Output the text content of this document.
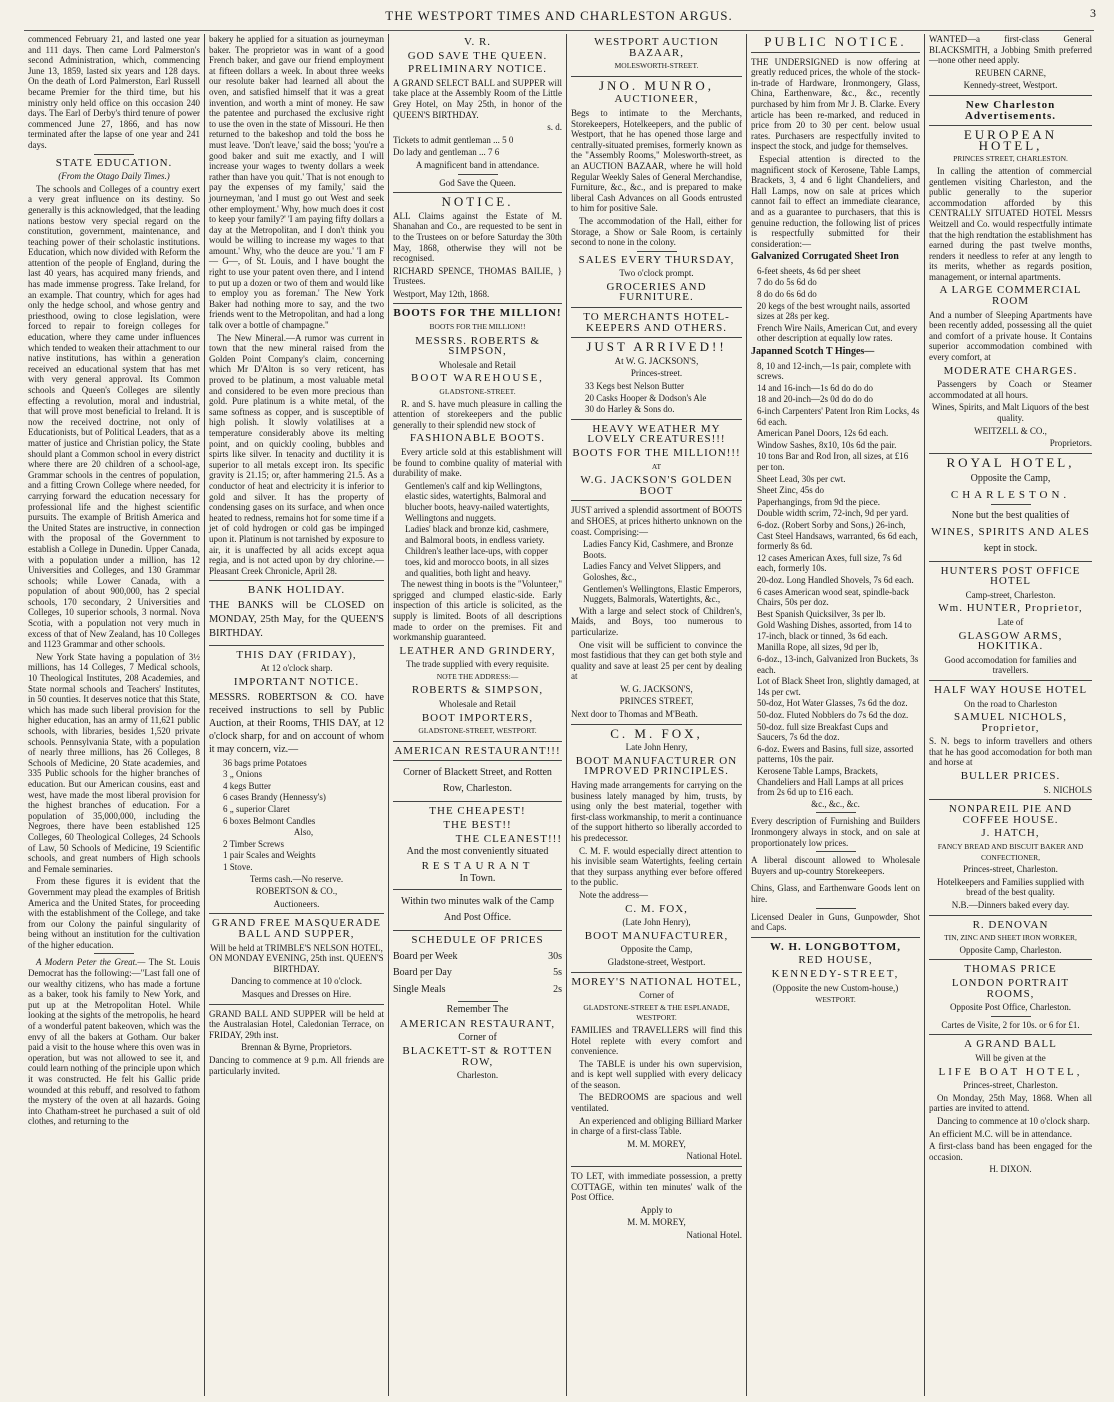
THE WESTPORT TIMES AND CHARLESTON ARGUS.	3

commenced February 21, and lasted one year and 111 days. Then came Lord Palmerston's second Administration, which, commencing June 13, 1859, lasted six years and 128 days. On the death of Lord Palmerston, Earl Russell became Premier for the third time, but his ministry only held office on this occasion 240 days. The Earl of Derby's third tenure of power commenced June 27, 1866, and has now terminated after the lapse of one year and 241 days.

STATE EDUCATION.

(From the Otago Daily Times.)

The schools and Colleges of a country exert a very great influence on its destiny. So generally is this acknowledged, that the leading nations bestow very special regard on the constitution, government, maintenance, and teaching power of their scholastic institutions. Education, which now divided with Reform the attention of the people of England, during the last 40 years, has acquired many friends, and has made immense progress. Take Ireland, for an example. That country, which for ages had only the hedge school, and whose gentry and priesthood, owing to close legislation, were forced to repair to foreign colleges for education, where they came under influences which tended to weaken their attachment to our native institutions, has within a generation received an educational system that has met with very general approval. Its Common schools and Queen's Colleges are silently effecting a revolution, moral and industrial, that will prove most beneficial to Ireland. It is now the received doctrine, not only of Educationists, but of Political Leaders, that as a matter of justice and Christian policy, the State should plant a Common school in every district where there are 20 children of a school-age, Grammar schools in the centres of population, and a fitting Crown College where needed, for carrying forward the education necessary for professional life and the highest scientific pursuits. The example of British America and the United States are instructive, in connection with the proposal of the Government to establish a College in Dunedin. Upper Canada, with a population under a million, has 12 Universities and Colleges, and 130 Grammar schools; while Lower Canada, with a population of about 900,000, has 2 special schools, 170 secondary, 2 Universities and Colleges, 10 superior schools, 3 normal. Nova Scotia, with a population not very much in excess of that of New Zealand, has 10 Colleges and 1123 Grammar and other schools.

New York State having a population of 3½ millions, has 14 Colleges, 7 Medical schools, 10 Theological Institutes, 208 Academies, and State normal schools and Teachers' Institutes, in 50 counties. It deserves notice that this State, which has made such liberal provision for the higher education, has an army of 11,621 public schools, with libraries, besides 1,520 private schools. Pennsylvania State, with a population of nearly three millions, has 26 Colleges, 8 Schools of Medicine, 20 State academies, and 335 Public schools for the higher branches of education. But our American cousins, east and west, have made the most liberal provision for the highest branches of education. For a population of 35,000,000, including the Negroes, there have been established 125 Colleges, 60 Theological Colleges, 24 Schools of Law, 50 Schools of Medicine, 19 Scientific schools, and great numbers of High schools and Female seminaries.

From these figures it is evident that the Government may plead the examples of British America and the United States, for proceeding with the establishment of the College, and take from our Colony the painful singularity of being without an institution for the cultivation of the higher education.

A Modern Peter the Great.— The St. Louis Democrat has the following:—"Last fall one of our wealthy citizens, who has made a fortune as a baker, took his family to New York, and put up at the Metropolitan Hotel. While looking at the sights of the metropolis, he heard of a wonderful patent bakeoven, which was the envy of all the bakers at Gotham. Our baker paid a visit to the house where this oven was in operation, but was not allowed to see it, and could learn nothing of the principle upon which it was constructed. He felt his Gallic pride wounded at this rebuff, and resolved to fathom the mystery of the oven at all hazards. Going into Chatham-street he purchased a suit of old clothes, and returning to the

bakery he applied for a situation as journeyman baker. The proprietor was in want of a good French baker, and gave our friend employment at fifteen dollars a week. In about three weeks our resolute baker had learned all about the oven, and satisfied himself that it was a great invention, and worth a mint of money. He saw the patentee and purchased the exclusive right to use the oven in the state of Missouri. He then returned to the bakeshop and told the boss he must leave. 'Don't leave,' said the boss; 'you're a good baker and suit me exactly, and I will increase your wages to twenty dollars a week rather than have you quit.' That is not enough to pay the expenses of my family,' said the journeyman, 'and I must go out West and seek other employment.' Why, how much does it cost to keep your family?' 'I am paying fifty dollars a day at the Metropolitan, and I don't think you would be willing to increase my wages to that amount.' Why, who the deuce are you.' 'I am F— G—, of St. Louis, and I have bought the right to use your patent oven there, and I intend to put up a dozen or two of them and would like to employ you as foreman.' The New York Baker had nothing more to say, and the two friends went to the Metropolitan, and had a long talk over a bottle of champagne."

The New Mineral.—A rumor was current in town that the new mineral raised from the Golden Point Company's claim, concerning which Mr D'Alton is so very reticent, has proved to be platinum, a most valuable metal and considered to be even more precious than gold. Pure platinum is a white metal, of the same softness as copper, and is susceptible of high polish. It slowly volatilises at a temperature considerably above its melting point, and on quickly cooling, bubbles and spirts like silver. In tenacity and ductility it is superior to all metals except iron. Its specific gravity is 21.15; or, after hammering 21.5. As a conductor of heat and electricity it is inferior to gold and silver. It has the property of condensing gases on its surface, and when once heated to redness, remains hot for some time if a jet of cold hydrogen or cold gas be impinged upon it. Platinum is not tarnished by exposure to air, it is unaffected by all acids except aqua regia, and is not acted upon by dry chlorine.—Pleasant Creek Chronicle, April 28.

BANK HOLIDAY.

THE BANKS will be CLOSED on MONDAY, 25th May, for the QUEEN'S BIRTHDAY.

THIS DAY (FRIDAY),

At 12 o'clock sharp.

IMPORTANT NOTICE.

MESSRS. ROBERTSON & CO. have received instructions to sell by Public Auction, at their Rooms, THIS DAY, at 12 o'clock sharp, for and on account of whom it may concern, viz.—

36 bags prime Potatoes
3 „ Onions
4 kegs Butter
6 cases Brandy (Hennessy's)
6 „ superior Claret
6 boxes Belmont Candles
Also,
2 Timber Screws
1 pair Scales and Weights
1 Stove.

Terms cash.—No reserve.

ROBERTSON & CO.,

Auctioneers.

GRAND FREE MASQUERADE BALL AND SUPPER,

Will be held at TRIMBLE'S NELSON HOTEL, ON MONDAY EVENING, 25th inst. QUEEN'S BIRTHDAY.

Dancing to commence at 10 o'clock.

Masques and Dresses on Hire.

GRAND BALL AND SUPPER will be held at the Australasian Hotel, Caledonian Terrace, on FRIDAY, 29th inst.

Brennan & Byrne, Proprietors.

Dancing to commence at 9 p.m. All friends are particularly invited.

V. R.
GOD SAVE THE QUEEN.
PRELIMINARY NOTICE.

A GRAND SELECT BALL and SUPPER will take place at the Assembly Room of the Little Grey Hotel, on May 25th, in honor of the QUEEN'S BIRTHDAY.

s. d.

Tickets to admit gentleman ... 5 0

Do lady and gentleman ... 7 6

A magnificent band in attendance.

God Save the Queen.

NOTICE.

ALL Claims against the Estate of M. Shanahan and Co., are requested to be sent in to the Trustees on or before Saturday the 30th May, 1868, otherwise they will not be recognised.

RICHARD SPENCE, THOMAS BAILIE, } Trustees.

Westport, May 12th, 1868.

BOOTS FOR THE MILLION!
BOOTS FOR THE MILLION!!
MESSRS. ROBERTS & SIMPSON,

Wholesale and Retail

BOOT WAREHOUSE,
GLADSTONE-STREET.

R. and S. have much pleasure in calling the attention of storekeepers and the public generally to their splendid new stock of

FASHIONABLE BOOTS.

Every article sold at this establishment will be found to combine quality of material with durability of make.

Gentlemen's calf and kip Wellingtons, elastic sides, watertights, Balmoral and blucher boots, heavy-nailed watertights, Wellingtons and nuggets.
Ladies' black and bronze kid, cashmere, and Balmoral boots, in endless variety.
Children's leather lace-ups, with copper toes, kid and morocco boots, in all sizes and qualities, both light and heavy.

The newest thing in boots is the "Volunteer," sprigged and clumped elastic-side. Early inspection of this article is solicited, as the supply is limited. Boots of all descriptions made to order on the premises. Fit and workmanship guaranteed.

LEATHER AND GRINDERY,

The trade supplied with every requisite.

NOTE THE ADDRESS:—
ROBERTS & SIMPSON,

Wholesale and Retail

BOOT IMPORTERS,
GLADSTONE-STREET, WESTPORT.
AMERICAN RESTAURANT!!!

Corner of Blackett Street, and Rotten Row, Charleston.

THE CHEAPEST!
THE BEST!!
THE CLEANEST!!!

And the most conveniently situated

RESTAURANT

In Town.

Within two minutes walk of the Camp And Post Office.

SCHEDULE OF PRICES
Board per Week	30s
Board per Day	5s
Single Meals	2s

Remember The

AMERICAN RESTAURANT,

Corner of

BLACKETT-ST & ROTTEN ROW,

Charleston.

WESTPORT AUCTION BAZAAR,
MOLESWORTH-STREET.
JNO. MUNRO,
AUCTIONEER,

Begs to intimate to the Merchants, Storekeepers, Hotelkeepers, and the public of Westport, that he has opened those large and centrally-situated premises, formerly known as the "Assembly Rooms," Molesworth-street, as an AUCTION BAZAAR, where he will hold Regular Weekly Sales of General Merchandise, Furniture, &c., &c., and is prepared to make liberal Cash Advances on all Goods entrusted to him for positive Sale.

The accommodation of the Hall, either for Storage, a Show or Sale Room, is certainly second to none in the colony.

SALES EVERY THURSDAY,

Two o'clock prompt.

GROCERIES AND FURNITURE.
TO MERCHANTS HOTEL-KEEPERS AND OTHERS.
JUST ARRIVED!!

At W. G. JACKSON'S,

Princes-street.

33 Kegs best Nelson Butter
20 Casks Hooper & Dodson's Ale
30 do Harley & Sons do.
HEAVY WEATHER MY LOVELY CREATURES!!!
BOOTS FOR THE MILLION!!!
AT
W.G. JACKSON'S GOLDEN BOOT

JUST arrived a splendid assortment of BOOTS and SHOES, at prices hitherto unknown on the coast. Comprising:—

Ladies Fancy Kid, Cashmere, and Bronze Boots.
Ladies Fancy and Velvet Slippers, and Goloshes, &c.,
Gentlemen's Wellingtons, Elastic Emperors, Nuggets, Balmorals, Watertights, &c.,

With a large and select stock of Children's, Maids, and Boys, too numerous to particularize.

One visit will be sufficient to convince the most fastidious that they can get both style and quality and save at least 25 per cent by dealing at

W. G. JACKSON'S,

PRINCES STREET,

Next door to Thomas and M'Beath.

C. M. FOX,

Late John Henry,

BOOT MANUFACTURER ON IMPROVED PRINCIPLES.

Having made arrangements for carrying on the business lately managed by him, trusts, by using only the best material, together with first-class workmanship, to merit a continuance of the support hitherto so liberally accorded to his predecessor.

C. M. F. would especially direct attention to his invisible seam Watertights, feeling certain that they surpass anything ever before offered to the public.

Note the address—

C. M. FOX,

(Late John Henry),

BOOT MANUFACTURER,

Opposite the Camp,

Gladstone-street, Westport.

MOREY'S NATIONAL HOTEL,

Corner of

GLADSTONE-STREET & THE ESPLANADE, WESTPORT.

FAMILIES and TRAVELLERS will find this Hotel replete with every comfort and convenience.

The TABLE is under his own supervision, and is kept well supplied with every delicacy of the season.

The BEDROOMS are spacious and well ventilated.

An experienced and obliging Billiard Marker in charge of a first-class Table.

M. M. MOREY,

National Hotel.

TO LET, with immediate possession, a pretty COTTAGE, within ten minutes' walk of the Post Office.

Apply to

M. M. MOREY,

National Hotel.

PUBLIC NOTICE.

THE UNDERSIGNED is now offering at greatly reduced prices, the whole of the stock-in-trade of Hardware, Ironmongery, Glass, China, Earthenware, &c., &c., recently purchased by him from Mr J. B. Clarke. Every article has been re-marked, and reduced in price from 20 to 30 per cent. below usual rates. Purchasers are respectfully invited to inspect the stock, and judge for themselves.

Especial attention is directed to the magnificent stock of Kerosene, Table Lamps, Brackets, 3, 4 and 6 light Chandeliers, and Hall Lamps, now on sale at prices which cannot fail to effect an immediate clearance, and as a guarantee to purchasers, that this is genuine reduction, the following list of prices is respectfully submitted for their consideration:—

Galvanized Corrugated Sheet Iron
6-feet sheets, 4s 6d per sheet
7 do do 5s 6d do
8 do do 6s 6d do
20 kegs of the best wrought nails, assorted sizes at 28s per keg.
French Wire Nails, American Cut, and every other description at equally low rates.
Japanned Scotch T Hinges—
8, 10 and 12-inch,—1s pair, complete with screws.
14 and 16-inch—1s 6d do do do
18 and 20-inch—2s 0d do do do
6-inch Carpenters' Patent Iron Rim Locks, 4s 6d each.
American Panel Doors, 12s 6d each.
Window Sashes, 8x10, 10s 6d the pair.
10 tons Bar and Rod Iron, all sizes, at £16 per ton.
Sheet Lead, 30s per cwt.
Sheet Zinc, 45s do
Paperhangings, from 9d the piece.
Double width scrim, 72-inch, 9d per yard.
6-doz. (Robert Sorby and Sons,) 26-inch, Cast Steel Handsaws, warranted, 6s 6d each, formerly 8s 6d.
12 cases American Axes, full size, 7s 6d each, formerly 10s.
20-doz. Long Handled Shovels, 7s 6d each.
6 cases American wood seat, spindle-back Chairs, 50s per doz.
Best Spanish Quicksilver, 3s per lb.
Gold Washing Dishes, assorted, from 14 to 17-inch, black or tinned, 3s 6d each.
Manilla Rope, all sizes, 9d per lb,
6-doz., 13-inch, Galvanized Iron Buckets, 3s each.
Lot of Black Sheet Iron, slightly damaged, at 14s per cwt.
50-doz, Hot Water Glasses, 7s 6d the doz.
50-doz. Fluted Nobblers do 7s 6d the doz.
50-doz. full size Breakfast Cups and Saucers, 7s 6d the doz.
6-doz. Ewers and Basins, full size, assorted patterns, 10s the pair.
Kerosene Table Lamps, Brackets, Chandeliers and Hall Lamps at all prices from 2s 6d up to £16 each.

&c., &c., &c.

Every description of Furnishing and Builders Ironmongery always in stock, and on sale at proportionately low prices.

A liberal discount allowed to Wholesale Buyers and up-country Storekeepers.

Chins, Glass, and Earthenware Goods lent on hire.

Licensed Dealer in Guns, Gunpowder, Shot and Caps.

W. H. LONGBOTTOM,
RED HOUSE,
KENNEDY-STREET,

(Opposite the new Custom-house,)

WESTPORT.

WANTED—a first-class General BLACKSMITH, a Jobbing Smith preferred—none other need apply.

REUBEN CARNE,

Kennedy-street, Westport.

New Charleston Advertisements.
EUROPEAN HOTEL,
PRINCES STREET, CHARLESTON.

In calling the attention of commercial gentlemen visiting Charleston, and the public generally to the superior accommodation afforded by this CENTRALLY SITUATED HOTEL Messrs Weitzell and Co. would respectfully intimate that the high rendtation the establishment has earned during the past twelve months, renders it needless to refer at any length to its merits, whether as regards position, management, or internal apartments.

A LARGE COMMERCIAL ROOM

And a number of Sleeping Apartments have been recently added, possessing all the quiet and comfort of a private house. It Contains superior accommodation combined with every comfort, at

MODERATE CHARGES.

Passengers by Coach or Steamer accommodated at all hours.

Wines, Spirits, and Malt Liquors of the best quality.

WEITZELL & CO.,

Proprietors.

ROYAL HOTEL,

Opposite the Camp,

CHARLESTON.

None but the best qualities of

WINES, SPIRITS AND ALES

kept in stock.

HUNTERS POST OFFICE HOTEL

Camp-street, Charleston.

Wm. HUNTER, Proprietor,

Late of

GLASGOW ARMS, HOKITIKA.

Good accomodation for families and travellers.

HALF WAY HOUSE HOTEL

On the road to Charleston

SAMUEL NICHOLS, Proprietor,

S. N. begs to inform travellers and others that he has good accomodation for both man and horse at

BULLER PRICES.

S. NICHOLS

NONPAREIL PIE AND COFFEE HOUSE.
J. HATCH,
FANCY BREAD AND BISCUIT BAKER AND CONFECTIONER,

Princes-street, Charleston.

Hotelkeepers and Families supplied with bread of the best quality.

N.B.—Dinners baked every day.

R. DENOVAN
TIN, ZINC AND SHEET IRON WORKER,

Opposite Camp, Charleston.

THOMAS PRICE
LONDON PORTRAIT ROOMS,

Opposite Post Office, Charleston.

Cartes de Visite, 2 for 10s. or 6 for £1.

A GRAND BALL

Will be given at the

LIFE BOAT HOTEL,

Princes-street, Charleston.

On Monday, 25th May, 1868. When all parties are invited to attend.

Dancing to commence at 10 o'clock sharp.

An efficient M.C. will be in attendance.

A first-class band has been engaged for the occasion.

H. DIXON.
